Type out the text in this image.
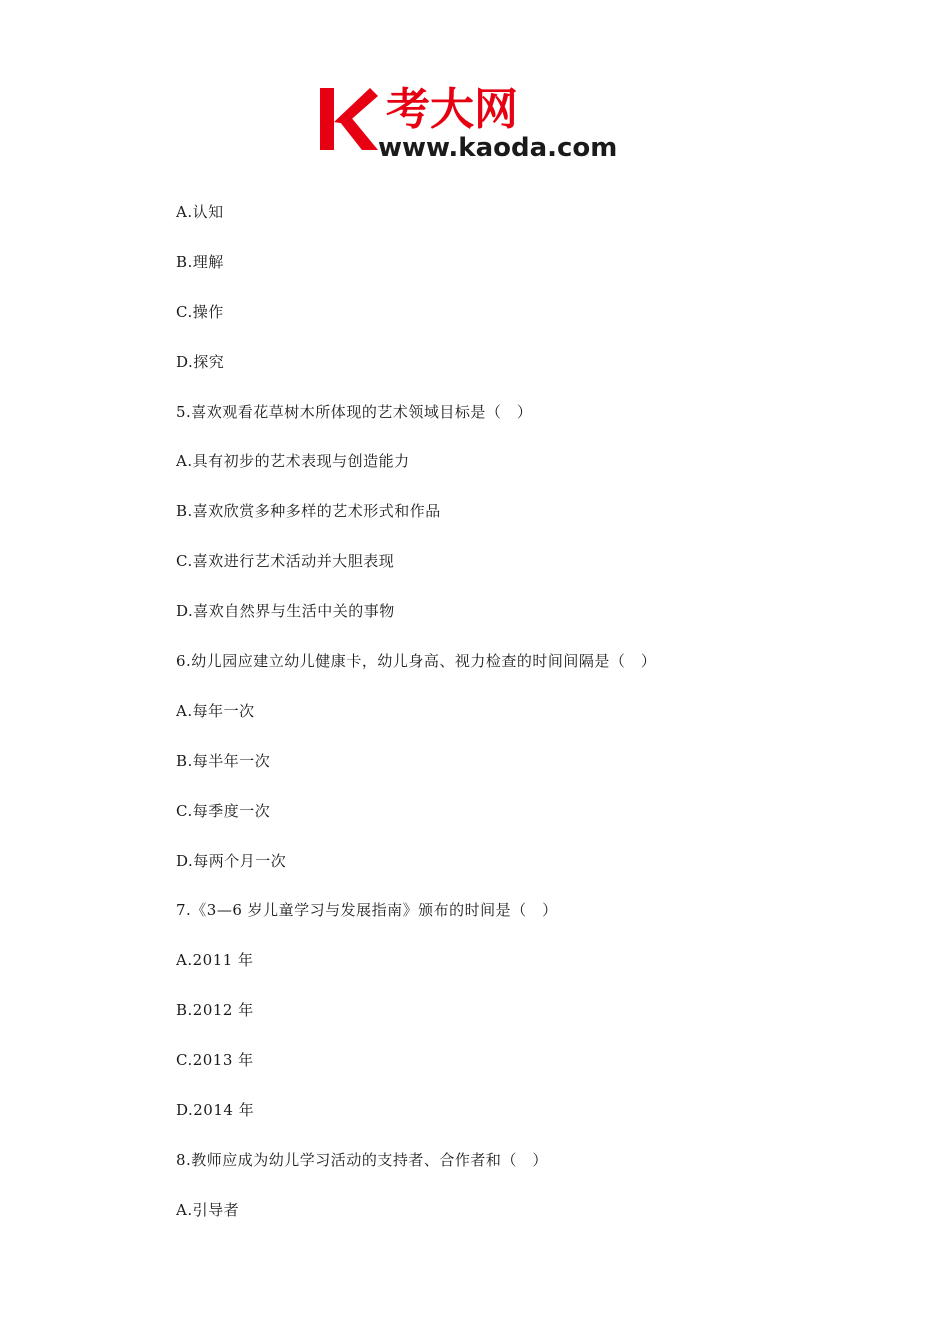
考大网
www.kaoda.com
A.认知
B.理解
C.操作
D.探究
5.喜欢观看花草树木所体现的艺术领域目标是（　）
A.具有初步的艺术表现与创造能力
B.喜欢欣赏多种多样的艺术形式和作品
C.喜欢进行艺术活动并大胆表现
D.喜欢自然界与生活中关的事物
6.幼儿园应建立幼儿健康卡，幼儿身高、视力检查的时间间隔是（　）
A.每年一次
B.每半年一次
C.每季度一次
D.每两个月一次
7.《3—6 岁儿童学习与发展指南》颁布的时间是（　）
A.2011 年
B.2012 年
C.2013 年
D.2014 年
8.教师应成为幼儿学习活动的支持者、合作者和（　）
A.引导者
